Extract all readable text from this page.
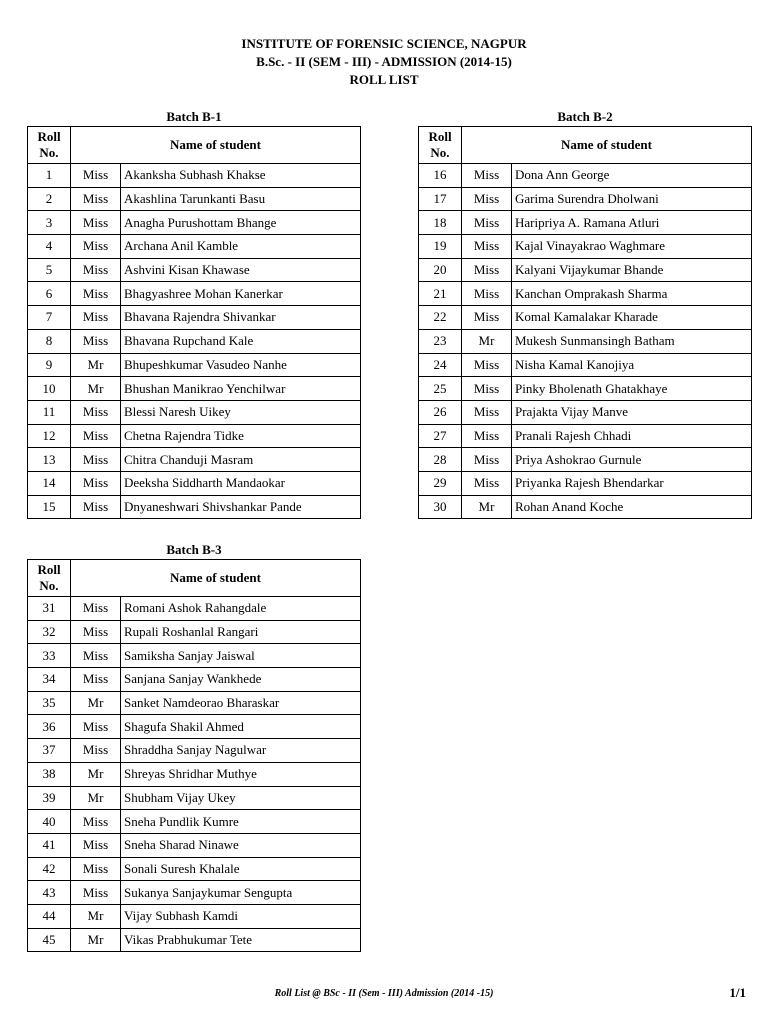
INSTITUTE OF FORENSIC SCIENCE, NAGPUR
B.Sc. - II (SEM - III) - ADMISSION (2014-15)
ROLL LIST
Batch B-1
Roll No.	Name of student	
1	Miss	Akanksha Subhash Khakse
2	Miss	Akashlina Tarunkanti Basu
3	Miss	Anagha Purushottam Bhange
4	Miss	Archana Anil Kamble
5	Miss	Ashvini Kisan Khawase
6	Miss	Bhagyashree Mohan Kanerkar
7	Miss	Bhavana Rajendra Shivankar
8	Miss	Bhavana Rupchand Kale
9	Mr	Bhupeshkumar Vasudeo Nanhe
10	Mr	Bhushan Manikrao Yenchilwar
11	Miss	Blessi Naresh Uikey
12	Miss	Chetna Rajendra Tidke
13	Miss	Chitra Chanduji Masram
14	Miss	Deeksha Siddharth Mandaokar
15	Miss	Dnyaneshwari Shivshankar Pande
Batch B-2
Roll No.	Name of student	
16	Miss	Dona Ann George
17	Miss	Garima Surendra Dholwani
18	Miss	Haripriya A. Ramana Atluri
19	Miss	Kajal Vinayakrao Waghmare
20	Miss	Kalyani Vijaykumar Bhande
21	Miss	Kanchan Omprakash Sharma
22	Miss	Komal Kamalakar Kharade
23	Mr	Mukesh Sunmansingh Batham
24	Miss	Nisha Kamal Kanojiya
25	Miss	Pinky Bholenath Ghatakhaye
26	Miss	Prajakta Vijay Manve
27	Miss	Pranali Rajesh Chhadi
28	Miss	Priya Ashokrao Gurnule
29	Miss	Priyanka Rajesh Bhendarkar
30	Mr	Rohan Anand Koche
Batch B-3
Roll No.	Name of student	
31	Miss	Romani Ashok Rahangdale
32	Miss	Rupali Roshanlal Rangari
33	Miss	Samiksha Sanjay Jaiswal
34	Miss	Sanjana Sanjay Wankhede
35	Mr	Sanket Namdeorao Bharaskar
36	Miss	Shagufa Shakil Ahmed
37	Miss	Shraddha Sanjay Nagulwar
38	Mr	Shreyas Shridhar Muthye
39	Mr	Shubham Vijay Ukey
40	Miss	Sneha Pundlik Kumre
41	Miss	Sneha Sharad Ninawe
42	Miss	Sonali Suresh Khalale
43	Miss	Sukanya Sanjaykumar Sengupta
44	Mr	Vijay Subhash Kamdi
45	Mr	Vikas Prabhukumar Tete
Roll List @ BSc - II (Sem - III) Admission (2014 -15)	1/1
